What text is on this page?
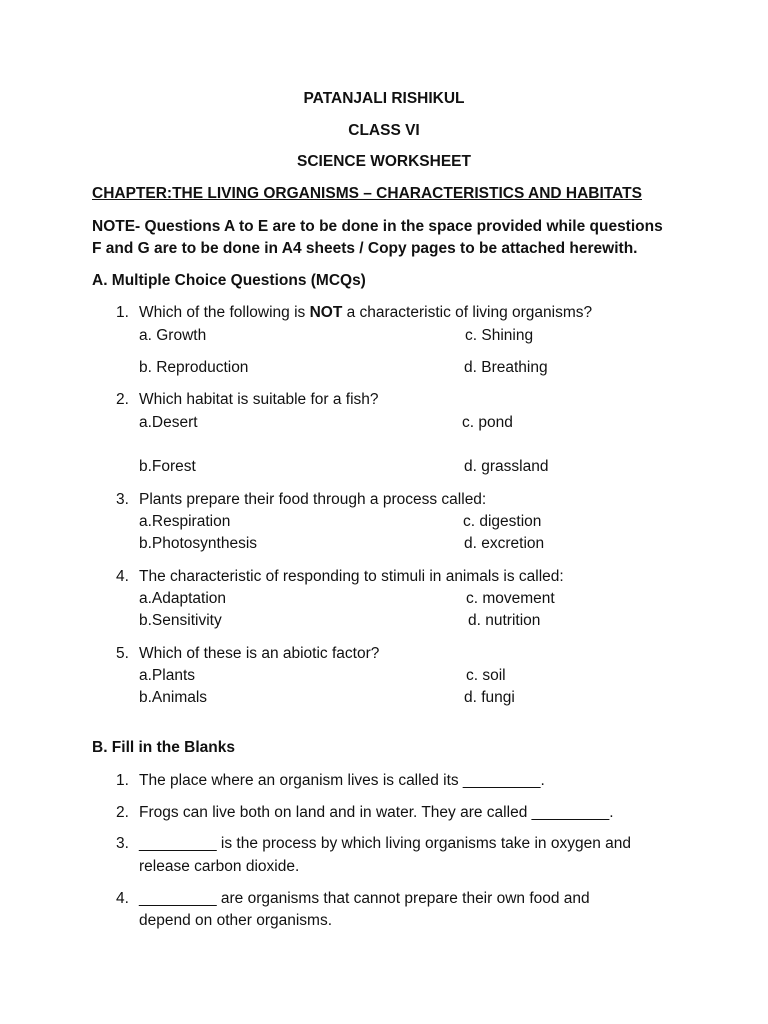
PATANJALI RISHIKUL
CLASS VI
SCIENCE WORKSHEET
CHAPTER:THE LIVING ORGANISMS – CHARACTERISTICS AND HABITATS
NOTE- Questions A to E are to be done in the space provided while questions
F and G are to be done in A4 sheets / Copy pages to be attached herewith.
A. Multiple Choice Questions (MCQs)
1. Which of the following is NOT a characteristic of living organisms?
a. Growth	c. Shining
b. Reproduction	d. Breathing
2. Which habitat is suitable for a fish?
a.Desert	c. pond
b.Forest	d. grassland
3. Plants prepare their food through a process called:
a.Respiration	c. digestion
b.Photosynthesis	d. excretion
4. The characteristic of responding to stimuli in animals is called:
a.Adaptation	c. movement
b.Sensitivity	d. nutrition
5. Which of these is an abiotic factor?
a.Plants	c. soil
b.Animals	d. fungi
B. Fill in the Blanks
1. The place where an organism lives is called its _________.
2. Frogs can live both on land and in water. They are called _________.
3. _________ is the process by which living organisms take in oxygen and
release carbon dioxide.
4. _________ are organisms that cannot prepare their own food and
depend on other organisms.
